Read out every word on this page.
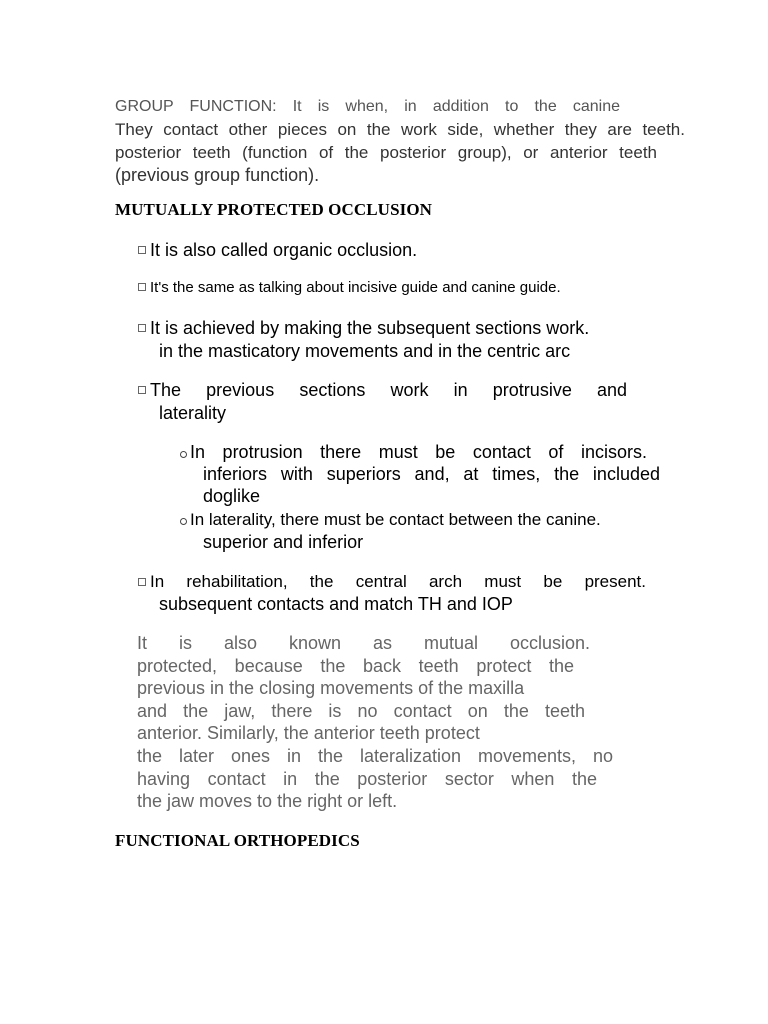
GROUP FUNCTION: It is when, in addition to the canine
They contact other pieces on the work side, whether they are teeth.
posterior teeth (function of the posterior group), or anterior teeth
(previous group function).
MUTUALLY PROTECTED OCCLUSION
It is also called organic occlusion.
It's the same as talking about incisive guide and canine guide.
It is achieved by making the subsequent sections work.
in the masticatory movements and in the centric arc
The previous sections work in protrusive and
laterality
In protrusion there must be contact of incisors.
inferiors with superiors and, at times, the included
doglike
In laterality, there must be contact between the canine.
superior and inferior
In rehabilitation, the central arch must be present.
subsequent contacts and match TH and IOP
It is also known as mutual occlusion.
protected, because the back teeth protect the
previous in the closing movements of the maxilla
and the jaw, there is no contact on the teeth
anterior. Similarly, the anterior teeth protect
the later ones in the lateralization movements, no
having contact in the posterior sector when the
the jaw moves to the right or left.
FUNCTIONAL ORTHOPEDICS
